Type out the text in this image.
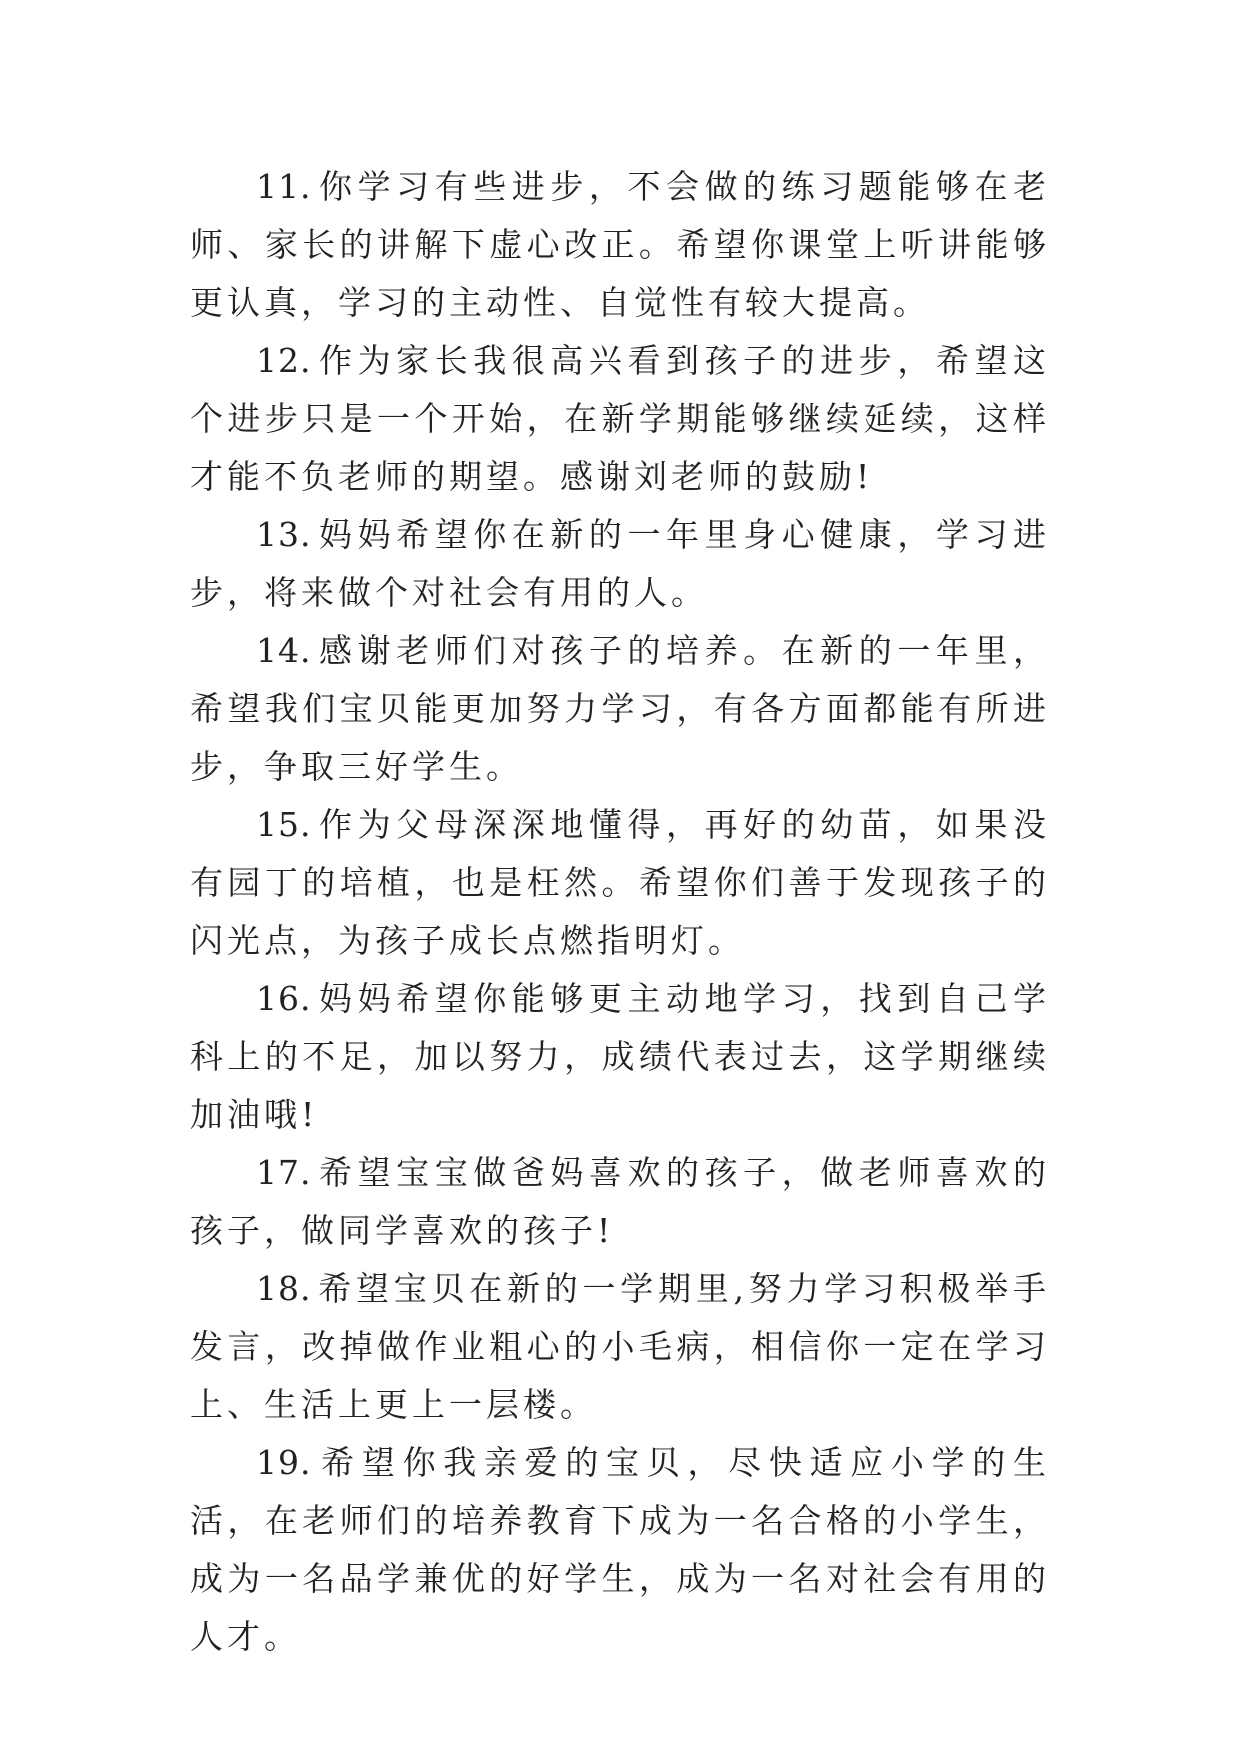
11. 你学习有些进步，不会做的练习题能够在老师、家长的讲解下虚心改正。希望你课堂上听讲能够更认真，学习的主动性、自觉性有较大提高。

12. 作为家长我很高兴看到孩子的进步，希望这个进步只是一个开始，在新学期能够继续延续，这样才能不负老师的期望。感谢刘老师的鼓励!

13. 妈妈希望你在新的一年里身心健康，学习进步，将来做个对社会有用的人。

14. 感谢老师们对孩子的培养。在新的一年里，希望我们宝贝能更加努力学习，有各方面都能有所进步，争取三好学生。

15. 作为父母深深地懂得，再好的幼苗，如果没有园丁的培植，也是枉然。希望你们善于发现孩子的闪光点，为孩子成长点燃指明灯。

16. 妈妈希望你能够更主动地学习，找到自己学科上的不足，加以努力，成绩代表过去，这学期继续加油哦!

17. 希望宝宝做爸妈喜欢的孩子，做老师喜欢的孩子，做同学喜欢的孩子!

18. 希望宝贝在新的一学期里,努力学习积极举手发言，改掉做作业粗心的小毛病，相信你一定在学习上、生活上更上一层楼。

19. 希望你我亲爱的宝贝，尽快适应小学的生活，在老师们的培养教育下成为一名合格的小学生，成为一名品学兼优的好学生，成为一名对社会有用的人才。
